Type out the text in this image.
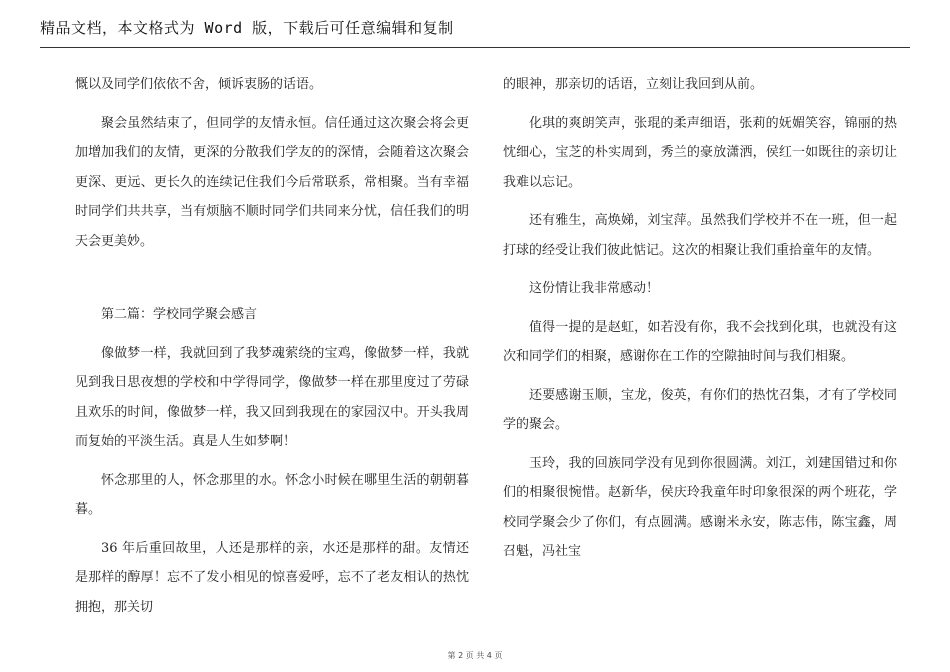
精品文档，本文格式为 Word 版，下载后可任意编辑和复制

慨以及同学们依依不舍，倾诉衷肠的话语。

聚会虽然结束了，但同学的友情永恒。信任通过这次聚会将会更加增加我们的友情，更深的分散我们学友的的深情，会随着这次聚会更深、更远、更长久的连续记住我们今后常联系，常相聚。当有幸福时同学们共共享，当有烦脑不顺时同学们共同来分忧，信任我们的明天会更美妙。

第二篇：学校同学聚会感言

像做梦一样，我就回到了我梦魂萦绕的宝鸡，像做梦一样，我就见到我日思夜想的学校和中学得同学，像做梦一样在那里度过了劳碌且欢乐的时间，像做梦一样，我又回到我现在的家园汉中。开头我周而复始的平淡生活。真是人生如梦啊！

怀念那里的人，怀念那里的水。怀念小时候在哪里生活的朝朝暮暮。

36 年后重回故里，人还是那样的亲，水还是那样的甜。友情还是那样的醇厚！忘不了发小相见的惊喜爱呼，忘不了老友相认的热忱拥抱，那关切

的眼神，那亲切的话语，立刻让我回到从前。

化琪的爽朗笑声，张琨的柔声细语，张莉的妩媚笑容，锦丽的热忱细心，宝芝的朴实周到，秀兰的豪放潇洒，侯红一如既往的亲切让我难以忘记。

还有雅生，高焕娣，刘宝萍。虽然我们学校并不在一班，但一起打球的经受让我们彼此惦记。这次的相聚让我们重拾童年的友情。

这份情让我非常感动！

值得一提的是赵虹，如若没有你，我不会找到化琪，也就没有这次和同学们的相聚，感谢你在工作的空隙抽时间与我们相聚。

还要感谢玉顺，宝龙，俊英，有你们的热忱召集，才有了学校同学的聚会。

玉玲，我的回族同学没有见到你很圆满。刘江，刘建国错过和你们的相聚很惋惜。赵新华，侯庆玲我童年时印象很深的两个班花，学校同学聚会少了你们，有点圆满。感谢米永安，陈志伟，陈宝鑫，周召魁，冯社宝

第 2 页 共 4 页
